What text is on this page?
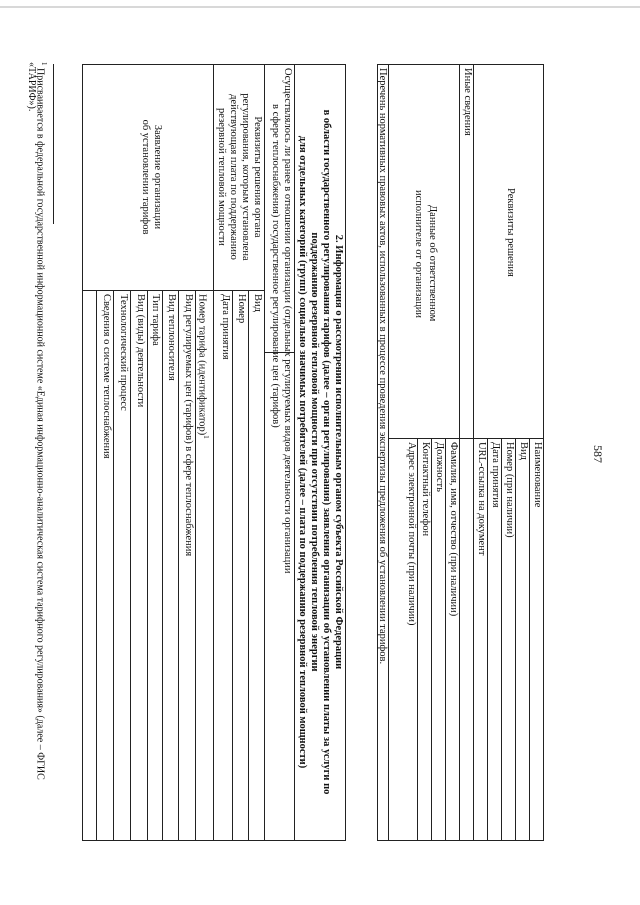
587
Реквизиты решения
Наименование
Вид
Номер (при наличии)
Дата принятия
URL-ссылка на документ
Иные сведения
Данные об ответственном
исполнителе от организации
Фамилия, имя, отчество (при наличии)
Должность
Контактный телефон
Адрес электронной почты (при наличии)
Перечень нормативных правовых актов, использованных в процессе проведения экспертизы предложения об установлении тарифов.
2. Информация о рассмотрении исполнительным органом субъекта Российской Федерации
в области государственного регулирования тарифов (далее – орган регулирования) заявления организации об установлении платы за услуги по
поддержанию резервной тепловой мощности при отсутствии потребления тепловой энергии
для отдельных категорий (групп) социально значимых потребителей (далее – плата по поддержанию резервной тепловой мощности)
Осуществлялось ли ранее в отношении организации (отдельных регулируемых видов деятельности организации
в сфере теплоснабжения) государственное регулирование цен (тарифов)
Реквизиты решения органа
регулирования, которым установлена
действующая плата по поддержанию
резервной тепловой мощности
Вид
Номер
Дата принятия
Заявление организации
об установлении тарифов
Номер тарифа (идентификатор)$^1$
Вид регулируемых цен (тарифов) в сфере теплоснабжения
Вид теплоносителя
Тип тарифа
Вид (виды) деятельности
Технологический процесс
Сведения о системе теплоснабжения
$^1$ Присваивается в федеральной государственной информационной системе «Единая информационно-аналитическая система тарифного регулирования» (далее – ФГИС
«ТАРИФ»).
